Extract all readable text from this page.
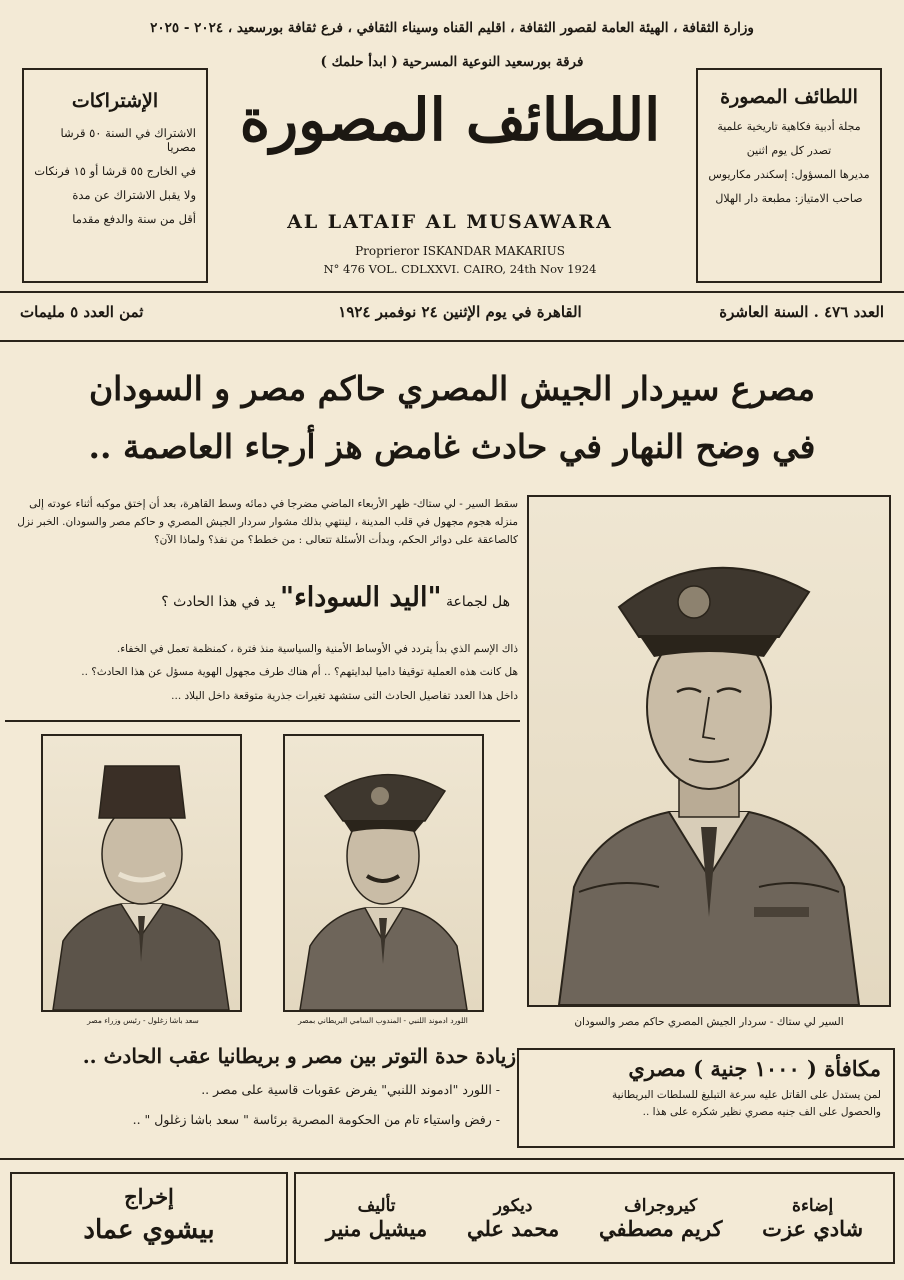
وزارة الثقافة ، الهيئة العامة لقصور الثقافة ، اقليم القناه وسيناء الثقافي ، فرع ثقافة بورسعيد ، ٢٠٢٤ - ٢٠٢٥
الإشتراكات
الاشتراك في السنة ٥٠ قرشا مصريا
في الخارج ٥٥ قرشا أو ١٥ فرنكات
ولا يقبل الاشتراك عن مدة
أقل من سنة والدفع مقدما
فرقة بورسعيد النوعية المسرحية ( ابدأ حلمك )
اللطائف المصورة
AL LATAIF AL MUSAWARA
Proprieror ISKANDAR MAKARIUS
N° 476 VOL. CDLXXVI. CAIRO, 24th Nov 1924
اللطائف المصورة
مجلة أدبية فكاهية تاريخية علمية
تصدر كل يوم اثنين
مديرها المسؤول: إسكندر مكاريوس
صاحب الامتياز: مطبعة دار الهلال
العدد ٤٧٦ . السنة العاشرة
القاهرة في يوم الإثنين ٢٤ نوفمبر ١٩٢٤
ثمن العدد ٥ مليمات
مصرع سيردار الجيش المصري حاكم مصر و السودان
في وضح النهار في حادث غامض هز أرجاء العاصمة ..
سقط السير - لي ستاك- ظهر الأربعاء الماضي مضرجا في دمائه وسط القاهرة، بعد أن إختق موكبه أثناء عودته إلى منزله هجوم مجهول في قلب المدينة ، لينتهي بذلك مشوار سردار الجيش المصري و حاكم مصر والسودان. الخبر نزل كالصاعقة على دوائر الحكم، وبدأت الأسئلة تتعالى : من خطط؟ من نفذ؟ ولماذا الآن؟
هل لجماعة "اليد السوداء" يد في هذا الحادث ؟
ذاك الإسم الذي بدأ يتردد في الأوساط الأمنية والسياسية منذ فترة ، كمنظمة تعمل في الخفاء.
هل كانت هذه العملية توقيفا داميا لبدايتهم؟ .. أم هناك طرف مجهول الهوية مسؤل عن هذا الحادث؟ ..
داخل هذا العدد تفاصيل الحادث التى ستشهد تغيرات جذرية متوقعة داخل البلاد ...
السير لي ستاك - سردار الجيش المصري حاكم مصر والسودان
اللورد ادموند اللنبي - المندوب السامي البريطاني بمصر
سعد باشا زغلول - رئيس وزراء مصر
زيادة حدة التوتر بين مصر و بريطانيا عقب الحادث ..
- اللورد "ادموند اللنبي" يفرض عقوبات قاسية على مصر ..
- رفض واستياء تام من الحكومة المصرية برئاسة " سعد باشا زغلول " ..
مكافأة ( ١٠٠٠ جنية ) مصري
لمن يستدل على القاتل عليه سرعة التبليغ للسلطات البريطانية
والحصول على الف جنيه مصري نظير شكره على هذا ..
إخراج
بيشوي عماد
إضاءة
شادي عزت
كيروجراف
كريم مصطفي
ديكور
محمد علي
تأليف
ميشيل منير
